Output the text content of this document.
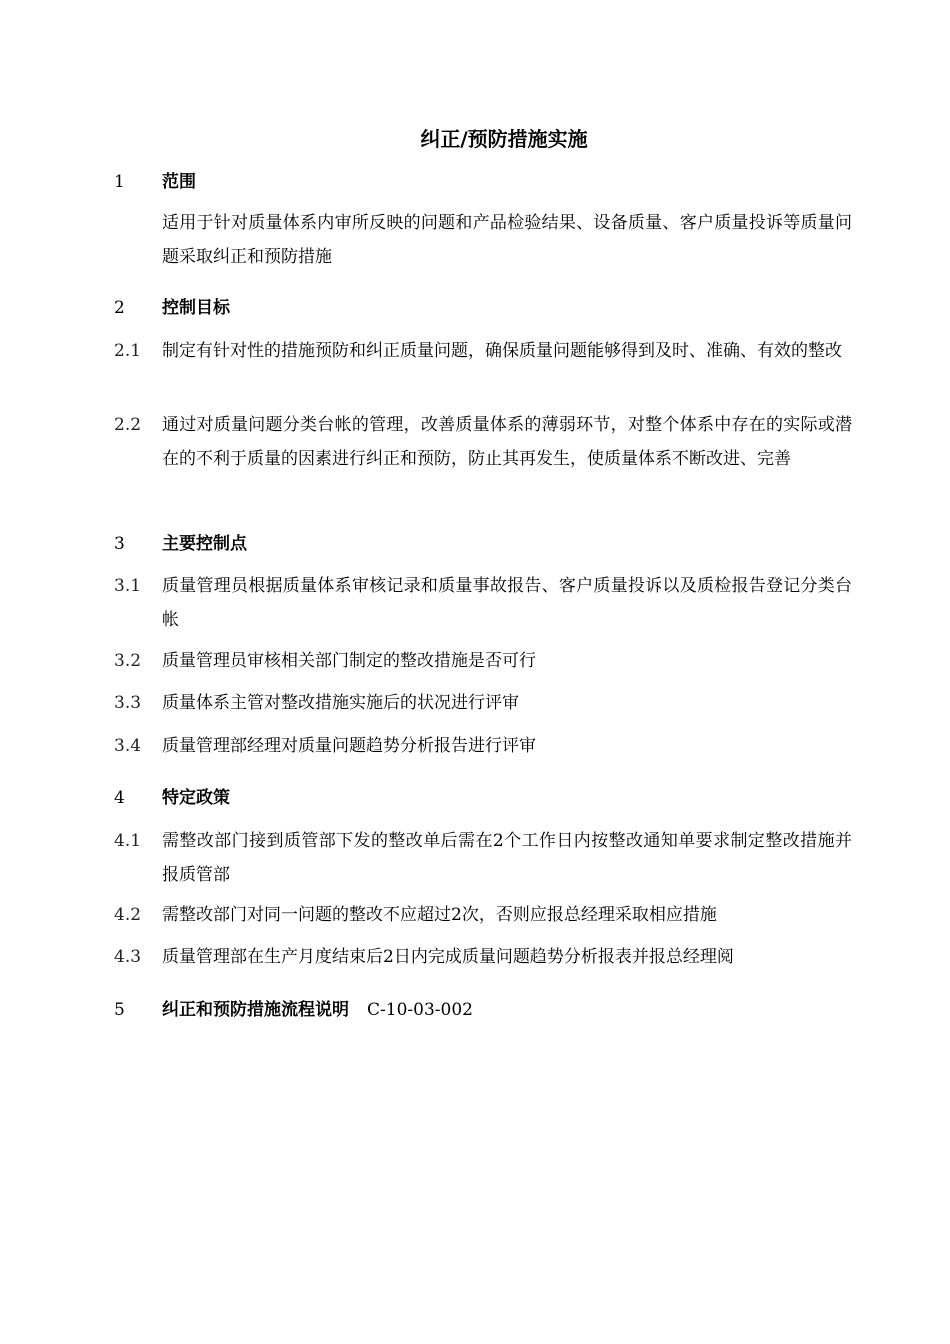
纠正/预防措施实施
1 范围
适用于针对质量体系内审所反映的问题和产品检验结果、设备质量、客户质量投诉等质量问题采取纠正和预防措施
2 控制目标
2.1	制定有针对性的措施预防和纠正质量问题，确保质量问题能够得到及时、准确、有效的整改
2.2	通过对质量问题分类台帐的管理，改善质量体系的薄弱环节，对整个体系中存在的实际或潜在的不利于质量的因素进行纠正和预防，防止其再发生，使质量体系不断改进、完善
3 主要控制点
3.1	质量管理员根据质量体系审核记录和质量事故报告、客户质量投诉以及质检报告登记分类台帐
3.2	质量管理员审核相关部门制定的整改措施是否可行
3.3	质量体系主管对整改措施实施后的状况进行评审
3.4	质量管理部经理对质量问题趋势分析报告进行评审
4 特定政策
4.1	需整改部门接到质管部下发的整改单后需在2个工作日内按整改通知单要求制定整改措施并报质管部
4.2	需整改部门对同一问题的整改不应超过2次，否则应报总经理采取相应措施
4.3	质量管理部在生产月度结束后2日内完成质量问题趋势分析报表并报总经理阅
5 纠正和预防措施流程说明 C-10-03-002
